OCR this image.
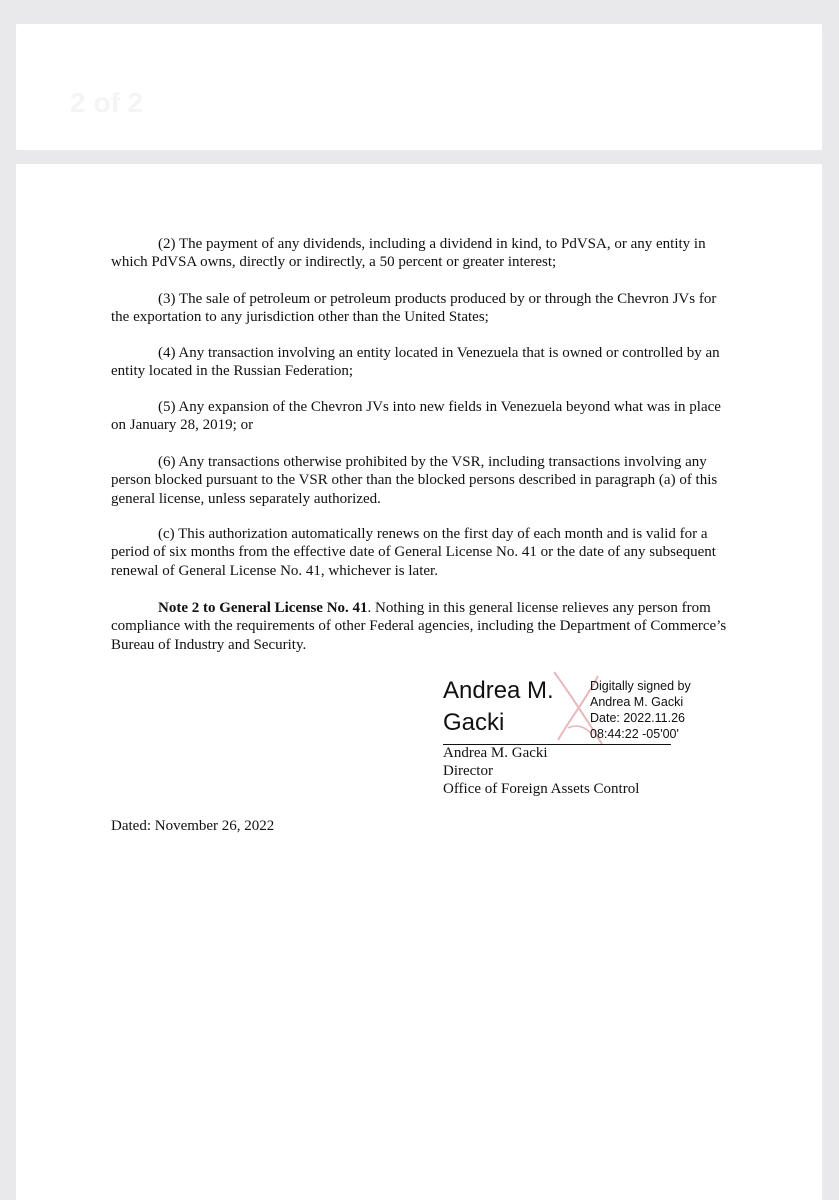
2 of 2

(2) The payment of any dividends, including a dividend in kind, to PdVSA, or any entity in which PdVSA owns, directly or indirectly, a 50 percent or greater interest;

(3) The sale of petroleum or petroleum products produced by or through the Chevron JVs for the exportation to any jurisdiction other than the United States;

(4) Any transaction involving an entity located in Venezuela that is owned or controlled by an entity located in the Russian Federation;

(5) Any expansion of the Chevron JVs into new fields in Venezuela beyond what was in place on January 28, 2019; or

(6) Any transactions otherwise prohibited by the VSR, including transactions involving any person blocked pursuant to the VSR other than the blocked persons described in paragraph (a) of this general license, unless separately authorized.

(c) This authorization automatically renews on the first day of each month and is valid for a period of six months from the effective date of General License No. 41 or the date of any subsequent renewal of General License No. 41, whichever is later.

Note 2 to General License No. 41. Nothing in this general license relieves any person from compliance with the requirements of other Federal agencies, including the Department of Commerce’s Bureau of Industry and Security.

Andrea M.
Gacki
Digitally signed by
Andrea M. Gacki
Date: 2022.11.26
08:44:22 -05'00'
Andrea M. Gacki
Director
Office of Foreign Assets Control
Dated: November 26, 2022
